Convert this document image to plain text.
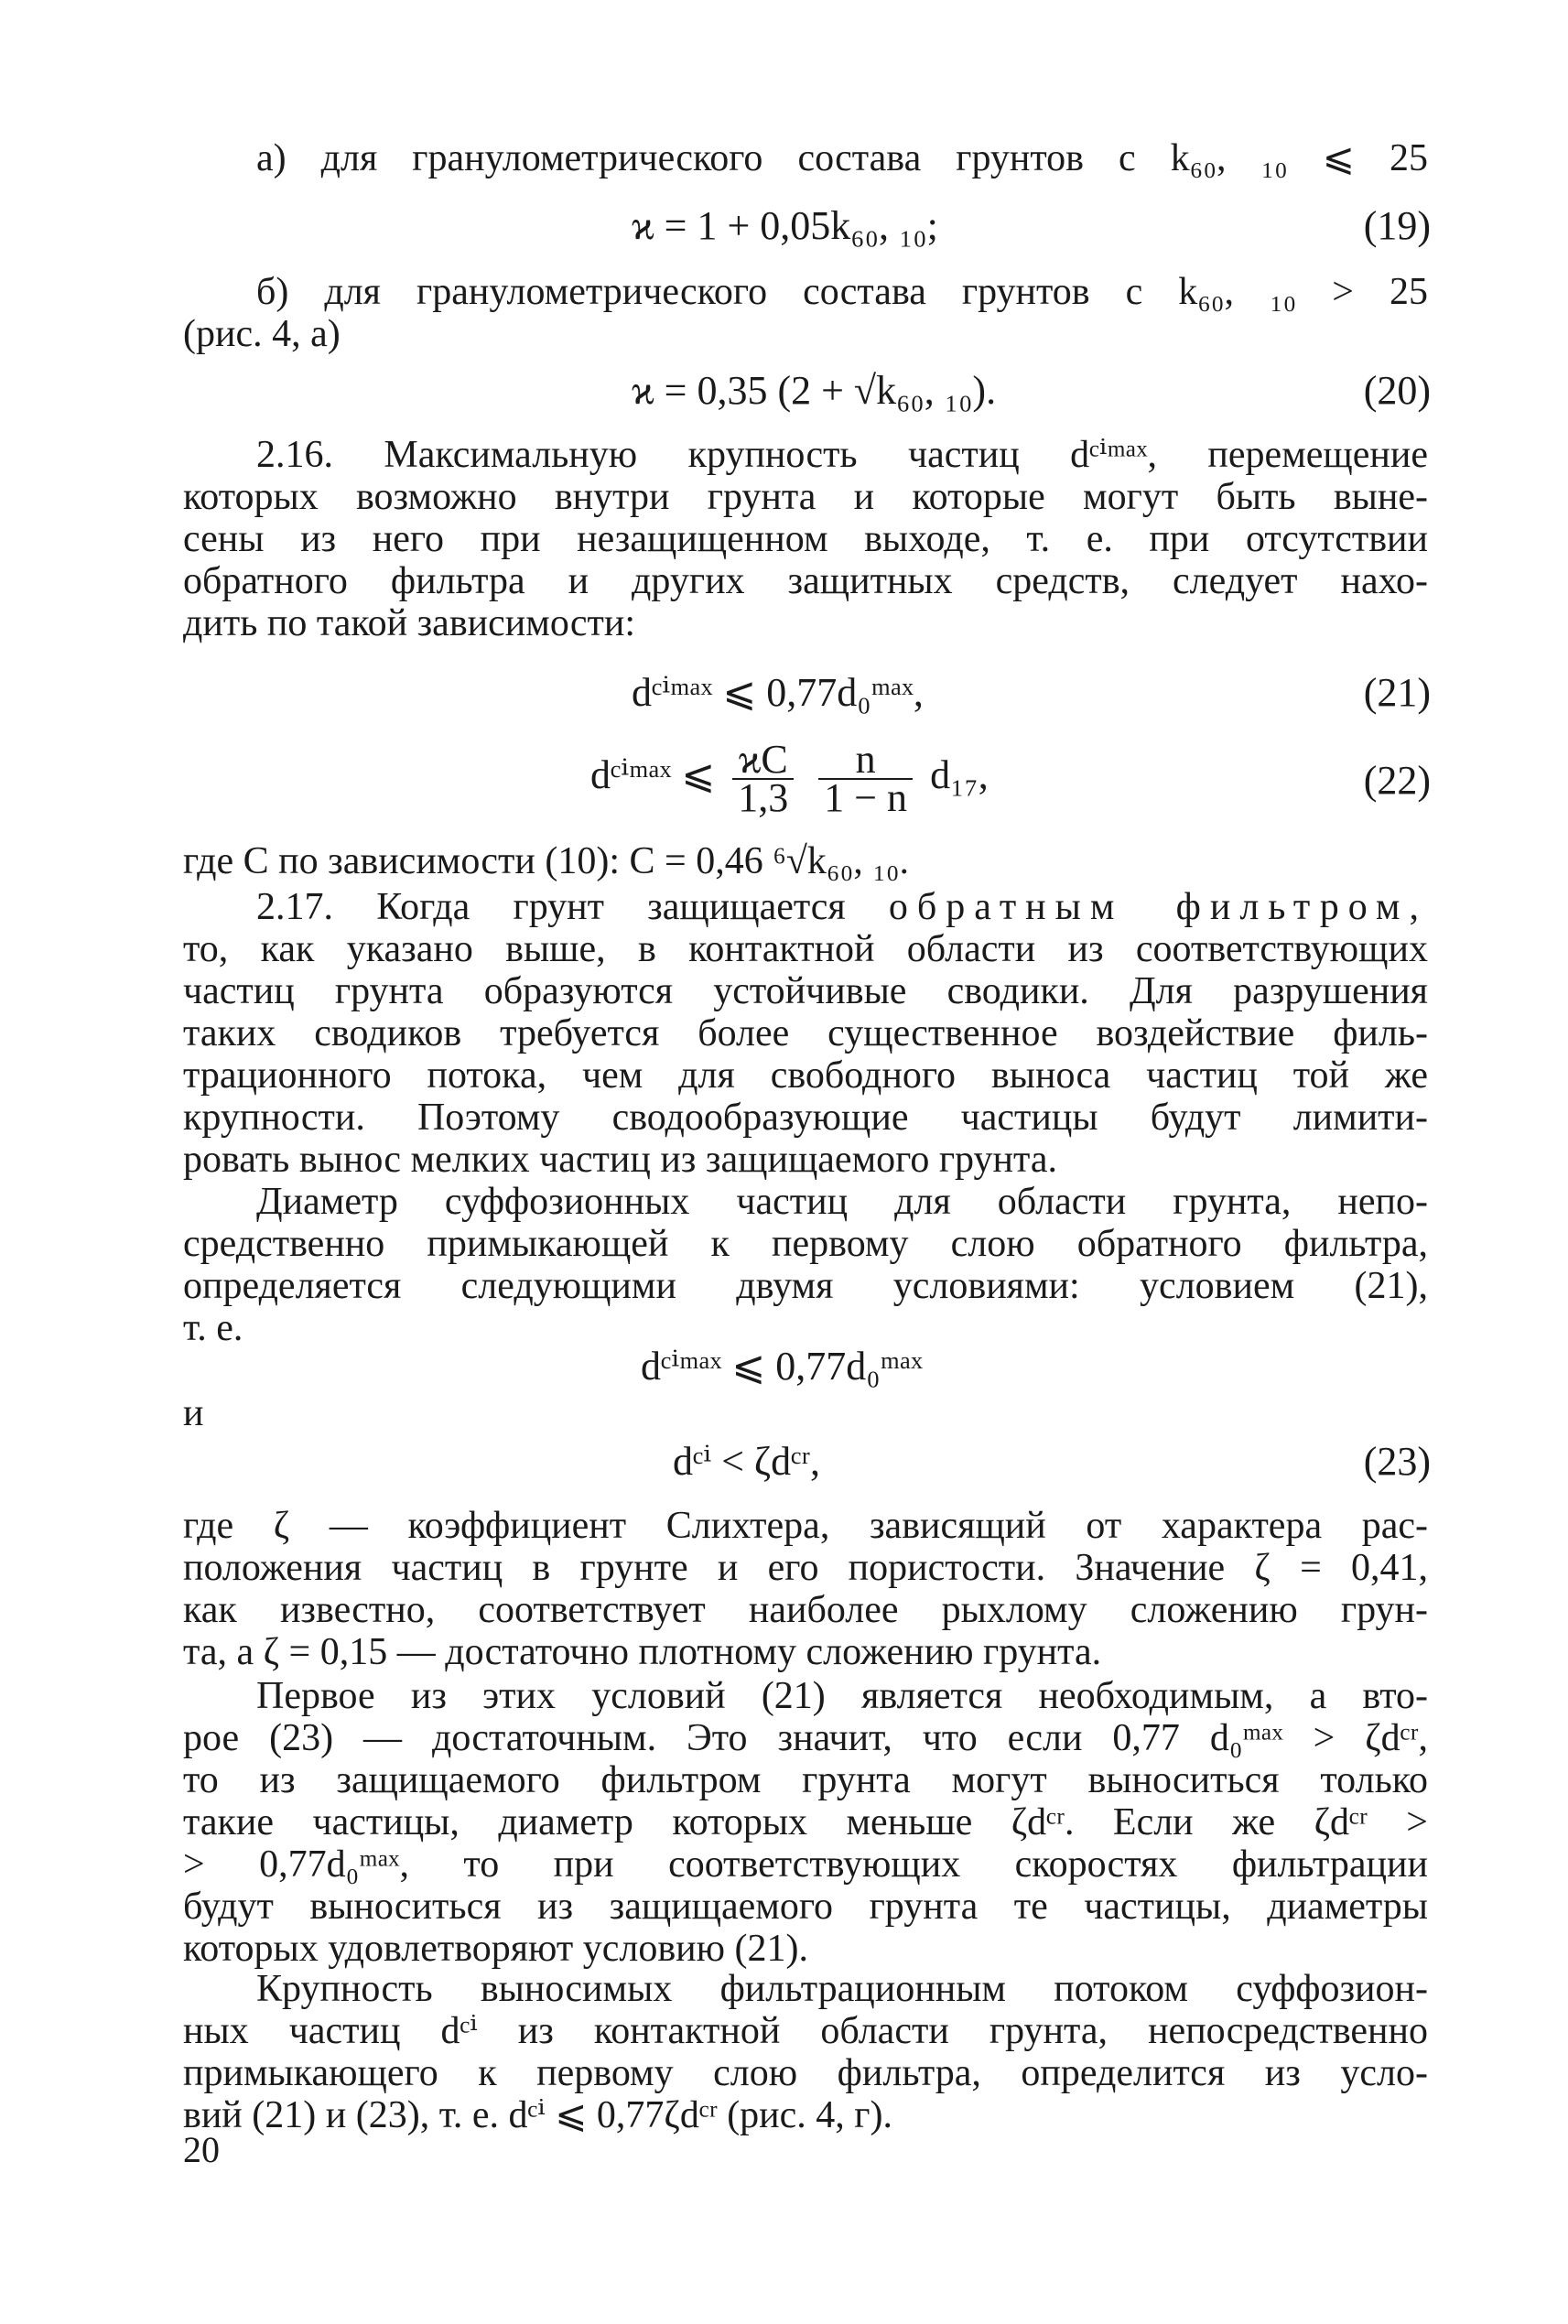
а) для гранулометрического состава грунтов с k₆₀, ₁₀ ⩽ 25
ϰ = 1 + 0,05k₆₀, ₁₀;	(19)
б) для гранулометрического состава грунтов с k₆₀, ₁₀ > 25
(рис. 4, а)
ϰ = 0,35 (2 + √k₆₀, ₁₀).	(20)
2.16. Максимальную крупность частиц dᶜⁱᵐᵃˣ, перемещение
которых возможно внутри грунта и которые могут быть выне-
сены из него при незащищенном выходе, т. е. при отсутствии
обратного фильтра и других защитных средств, следует нахо-
дить по такой зависимости:
dᶜⁱᵐᵃˣ ⩽ 0,77d₀ᵐᵃˣ,	(21)
dᶜⁱᵐᵃˣ ⩽ $\frac{ϰC}{1,3}$
$\frac{n}{1 - n} d_{17}$,	(22)
где C по зависимости (10): C = 0,46 ⁶√k₆₀, ₁₀.
2.17. Когда грунт защищается обратным фильтром,
то, как указано выше, в контактной области из соответствующих
частиц грунта образуются устойчивые сводики. Для разрушения
таких сводиков требуется более существенное воздействие филь-
трационного потока, чем для свободного выноса частиц той же
крупности. Поэтому сводообразующие частицы будут лимити-
ровать вынос мелких частиц из защищаемого грунта.
Диаметр суффозионных частиц для области грунта, непо-
средственно примыкающей к первому слою обратного фильтра,
определяется следующими двумя условиями: условием (21),
т. е.
dᶜⁱᵐᵃˣ ⩽ 0,77d₀ᵐᵃˣ
и
dᶜⁱ < ζdᶜʳ,	(23)
где ζ — коэффициент Слихтера, зависящий от характера рас-
положения частиц в грунте и его пористости. Значение ζ = 0,41,
как известно, соответствует наиболее рыхлому сложению грун-
та, а ζ = 0,15 — достаточно плотному сложению грунта.
Первое из этих условий (21) является необходимым, а вто-
рое (23) — достаточным. Это значит, что если 0,77 d₀ᵐᵃˣ > ζdᶜʳ,
то из защищаемого фильтром грунта могут выноситься только
такие частицы, диаметр которых меньше ζdᶜʳ. Если же ζdᶜʳ >
> 0,77d₀ᵐᵃˣ, то при соответствующих скоростях фильтрации
будут выноситься из защищаемого грунта те частицы, диаметры
которых удовлетворяют условию (21).
Крупность выносимых фильтрационным потоком суффозион-
ных частиц dᶜⁱ из контактной области грунта, непосредственно
примыкающего к первому слою фильтра, определится из усло-
вий (21) и (23), т. е. dᶜⁱ ⩽ 0,77ζdᶜʳ (рис. 4, г).
20
